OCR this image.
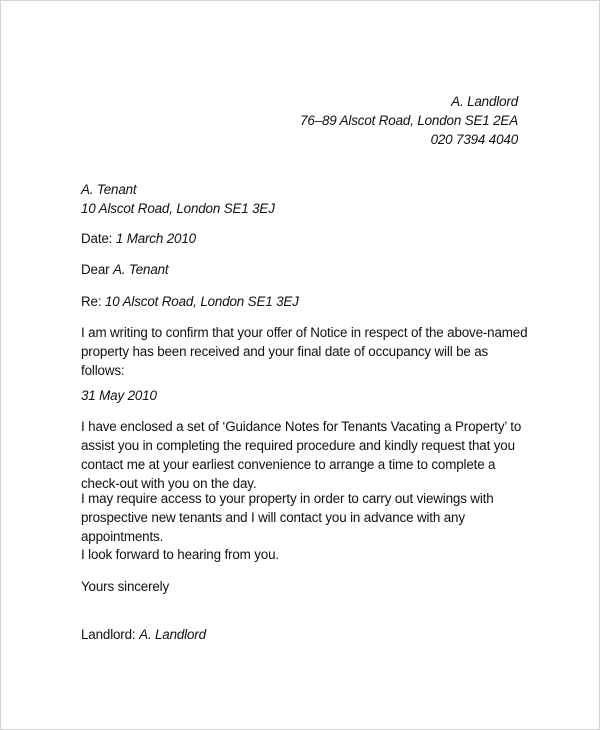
A. Landlord
76–89 Alscot Road, London SE1 2EA
020 7394 4040
A. Tenant
10 Alscot Road, London SE1 3EJ
Date: 1 March 2010
Dear A. Tenant
Re: 10 Alscot Road, London SE1 3EJ
I am writing to confirm that your offer of Notice in respect of the above-named property has been received and your final date of occupancy will be as follows:
31 May 2010
I have enclosed a set of ‘Guidance Notes for Tenants Vacating a Property’ to assist you in completing the required procedure and kindly request that you contact me at your earliest convenience to arrange a time to complete a check-out with you on the day.
I may require access to your property in order to carry out viewings with prospective new tenants and I will contact you in advance with any appointments.
I look forward to hearing from you.
Yours sincerely
Landlord: A. Landlord
